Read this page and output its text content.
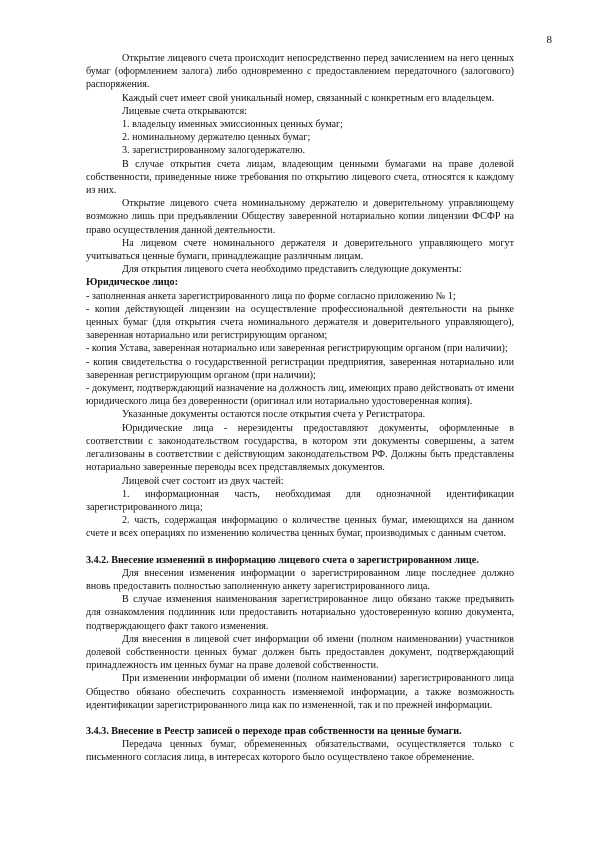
8

Открытие лицевого счета происходит непосредственно перед зачислением на него ценных бумаг (оформлением залога) либо одновременно с предоставлением передаточного (залогового) распоряжения.

Каждый счет имеет свой уникальный номер, связанный с конкретным его владельцем.

Лицевые счета открываются:

1. владельцу именных эмиссионных ценных бумаг;

2. номинальному держателю ценных бумаг;

3. зарегистрированному залогодержателю.

В случае открытия счета лицам, владеющим ценными бумагами на праве долевой собственности, приведенные ниже требования по открытию лицевого счета, относятся к каждому из них.

Открытие лицевого счета номинальному держателю и доверительному управляющему возможно лишь при предъявлении Обществу заверенной нотариально копии лицензии ФСФР на право осуществления данной деятельности.

На лицевом счете номинального держателя и доверительного управляющего могут учитываться ценные бумаги, принадлежащие различным лицам.

Для открытия лицевого счета необходимо представить следующие документы:

Юридическое лицо:

- заполненная анкета зарегистрированного лица по форме согласно приложению № 1;

- копия действующей лицензии на осуществление профессиональной деятельности на рынке ценных бумаг (для открытия счета номинального держателя и доверительного управляющего), заверенная нотариально или регистрирующим органом;

- копия Устава, заверенная нотариально или заверенная регистрирующим органом (при наличии);

- копия свидетельства о государственной регистрации предприятия, заверенная нотариально или заверенная регистрирующим органом (при наличии);

- документ, подтверждающий назначение на должность лиц, имеющих право действовать от имени юридического лица без доверенности (оригинал или нотариально удостоверенная копия).

Указанные документы остаются после открытия счета у Регистратора.

Юридические лица - нерезиденты предоставляют документы, оформленные в соответствии с законодательством государства, в котором эти документы совершены, а затем легализованы в соответствии с действующим законодательством РФ. Должны быть представлены нотариально заверенные переводы всех представляемых документов.

Лицевой счет состоит из двух частей:

1. информационная часть, необходимая для однозначной идентификации зарегистрированного лица;

2. часть, содержащая информацию о количестве ценных бумаг, имеющихся на данном счете и всех операциях по изменению количества ценных бумаг, производимых с данным счетом.

3.4.2. Внесение изменений в информацию лицевого счета о зарегистрированном лице.

Для внесения изменения информации о зарегистрированном лице последнее должно вновь предоставить полностью заполненную анкету зарегистрированного лица.

В случае изменения наименования зарегистрированное лицо обязано также предъявить для ознакомления подлинник или предоставить нотариально удостоверенную копию документа, подтверждающего факт такого изменения.

Для внесения в лицевой счет информации об имени (полном наименовании) участников долевой собственности ценных бумаг должен быть предоставлен документ, подтверждающий принадлежность им ценных бумаг на праве долевой собственности.

При изменении информации об имени (полном наименовании) зарегистрированного лица Общество обязано обеспечить сохранность изменяемой информации, а также возможность идентификации зарегистрированного лица как по измененной, так и по прежней информации.

3.4.3. Внесение в Реестр записей о переходе прав собственности на ценные бумаги.

Передача ценных бумаг, обремененных обязательствами, осуществляется только с письменного согласия лица, в интересах которого было осуществлено такое обременение.
